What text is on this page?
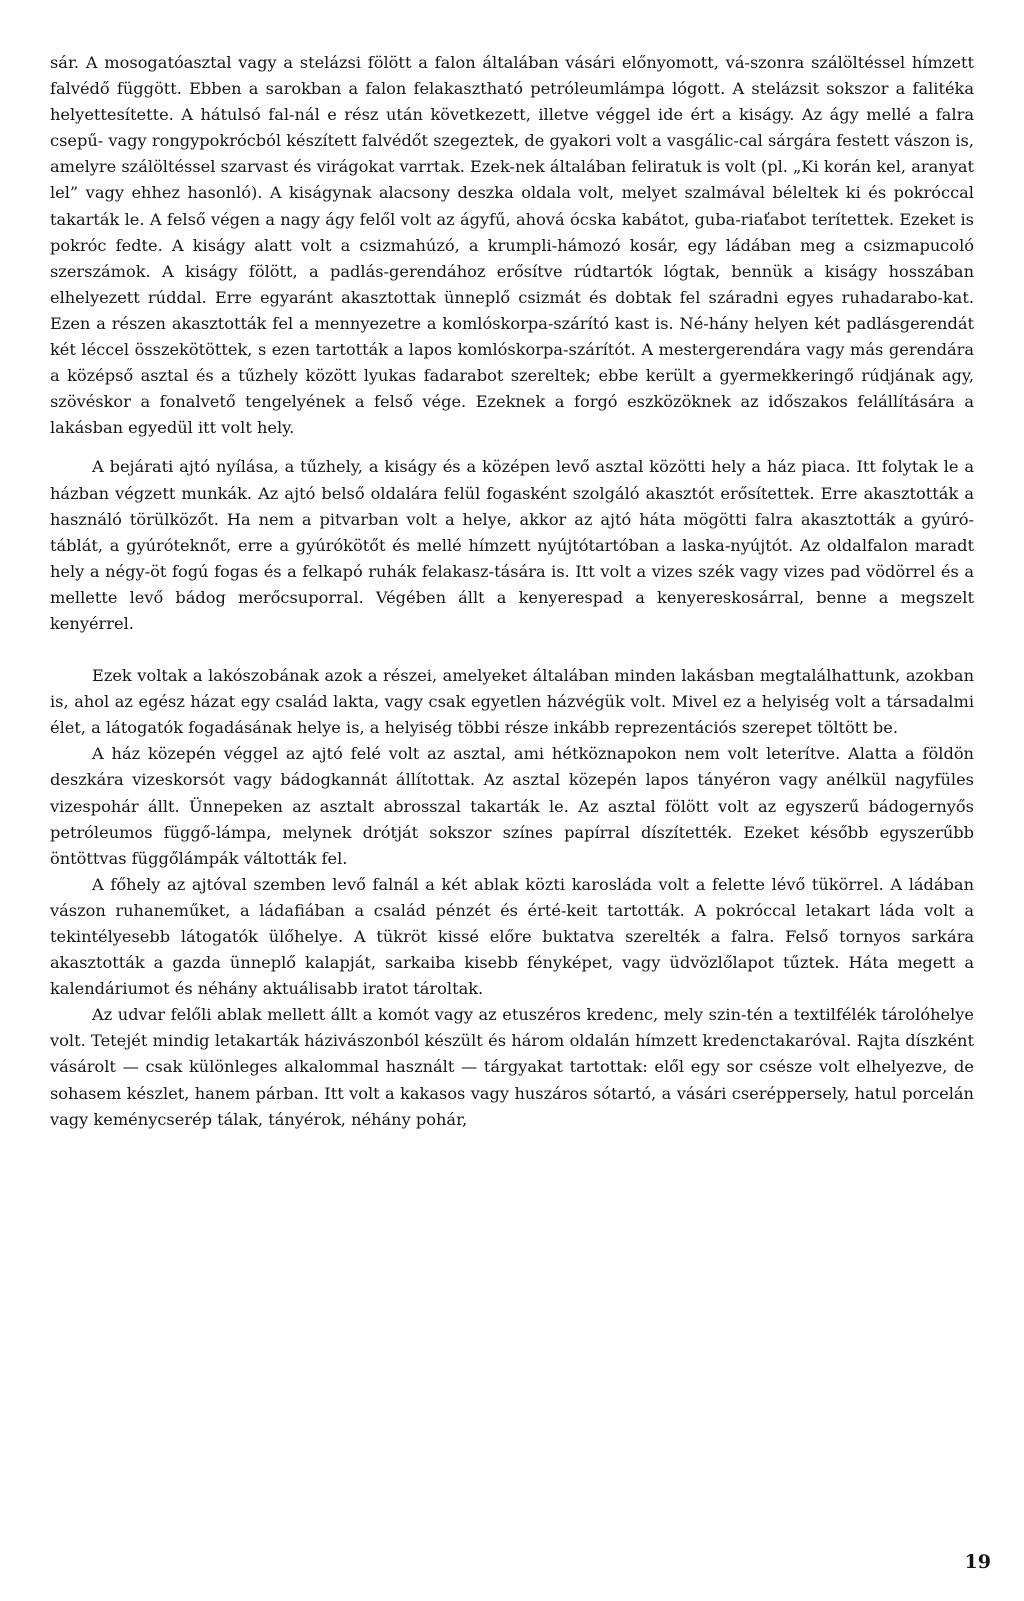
sár. A mosogatóasztal vagy a stelázsi fölött a falon általában vásári előnyomott, vá-szonra szálöltéssel hímzett falvédő függött. Ebben a sarokban a falon felakasztható petróleumlámpa lógott. A stelázsit sokszor a falitéka helyettesítette. A hátulsó fal-nál e rész után következett, illetve véggel ide ért a kiságy. Az ágy mellé a falra csepű- vagy rongypokrócból készített falvédőt szegeztek, de gyakori volt a vasgálic-cal sárgára festett vászon is, amelyre szálöltéssel szarvast és virágokat varrtak. Ezek-nek általában feliratuk is volt (pl. „Ki korán kel, aranyat lel” vagy ehhez hasonló). A kiságynak alacsony deszka oldala volt, melyet szalmával béleltek ki és pokróccal takarták le. A felső végen a nagy ágy felől volt az ágyfű, ahová ócska kabátot, guba-riaťabot terítettek. Ezeket is pokróc fedte. A kiságy alatt volt a csizmahúzó, a krumpli-hámozó kosár, egy ládában meg a csizmapucoló szerszámok. A kiságy fölött, a padlás-gerendához erősítve rúdtartók lógtak, bennük a kiságy hosszában elhelyezett rúddal. Erre egyaránt akasztottak ünneplő csizmát és dobtak fel száradni egyes ruhadarabo-kat. Ezen a részen akasztották fel a mennyezetre a komlóskorpa-szárító kast is. Né-hány helyen két padlásgerendát két léccel összekötöttek, s ezen tartották a lapos komlóskorpa-szárítót. A mestergerendára vagy más gerendára a középső asztal és a tűzhely között lyukas fadarabot szereltek; ebbe került a gyermekkeringő rúdjának agy, szövéskor a fonalvető tengelyének a felső vége. Ezeknek a forgó eszközöknek az időszakos felállítására a lakásban egyedül itt volt hely.

A bejárati ajtó nyílása, a tűzhely, a kiságy és a középen levő asztal közötti hely a ház piaca. Itt folytak le a házban végzett munkák. Az ajtó belső oldalára felül fogasként szolgáló akasztót erősítettek. Erre akasztották a használó törülközőt. Ha nem a pitvarban volt a helye, akkor az ajtó háta mögötti falra akasztották a gyúró-táblát, a gyúróteknőt, erre a gyúrókötőt és mellé hímzett nyújtótartóban a laska-nyújtót. Az oldalfalon maradt hely a négy-öt fogú fogas és a felkapó ruhák felakasz-tására is. Itt volt a vizes szék vagy vizes pad vödörrel és a mellette levő bádog merőcsuporral. Végében állt a kenyerespad a kenyereskosárral, benne a megszelt kenyérrel.

Ezek voltak a lakószobának azok a részei, amelyeket általában minden lakásban megtalálhattunk, azokban is, ahol az egész házat egy család lakta, vagy csak egyetlen házvégük volt. Mivel ez a helyiség volt a társadalmi élet, a látogatók fogadásának helye is, a helyiség többi része inkább reprezentációs szerepet töltött be.

A ház közepén véggel az ajtó felé volt az asztal, ami hétköznapokon nem volt leterítve. Alatta a földön deszkára vizeskorsót vagy bádogkannát állítottak. Az asztal közepén lapos tányéron vagy anélkül nagyfüles vizespohár állt. Ünnepeken az asztalt abrosszal takarták le. Az asztal fölött volt az egyszerű bádogernyős petróleumos függő-lámpa, melynek drótját sokszor színes papírral díszítették. Ezeket később egyszerűbb öntöttvas függőlámpák váltották fel.

A főhely az ajtóval szemben levő falnál a két ablak közti karosláda volt a felette lévő tükörrel. A ládában vászon ruhaneműket, a ládafiában a család pénzét és érté-keit tartották. A pokróccal letakart láda volt a tekintélyesebb látogatók ülőhelye. A tükröt kissé előre buktatva szerelték a falra. Felső tornyos sarkára akasztották a gazda ünneplő kalapját, sarkaiba kisebb fényképet, vagy üdvözlőlapot tűztek. Háta megett a kalendáriumot és néhány aktuálisabb iratot tároltak.

Az udvar felőli ablak mellett állt a komót vagy az etuszéros kredenc, mely szin-tén a textilfélék tárolóhelye volt. Tetejét mindig letakarták házivászonból készült és három oldalán hímzett kredenctakaróval. Rajta díszként vásárolt — csak különleges alkalommal használt — tárgyakat tartottak: elől egy sor csésze volt elhelyezve, de sohasem készlet, hanem párban. Itt volt a kakasos vagy huszáros sótartó, a vásári cseréppersely, hatul porcelán vagy keménycserép tálak, tányérok, néhány pohár,

19
